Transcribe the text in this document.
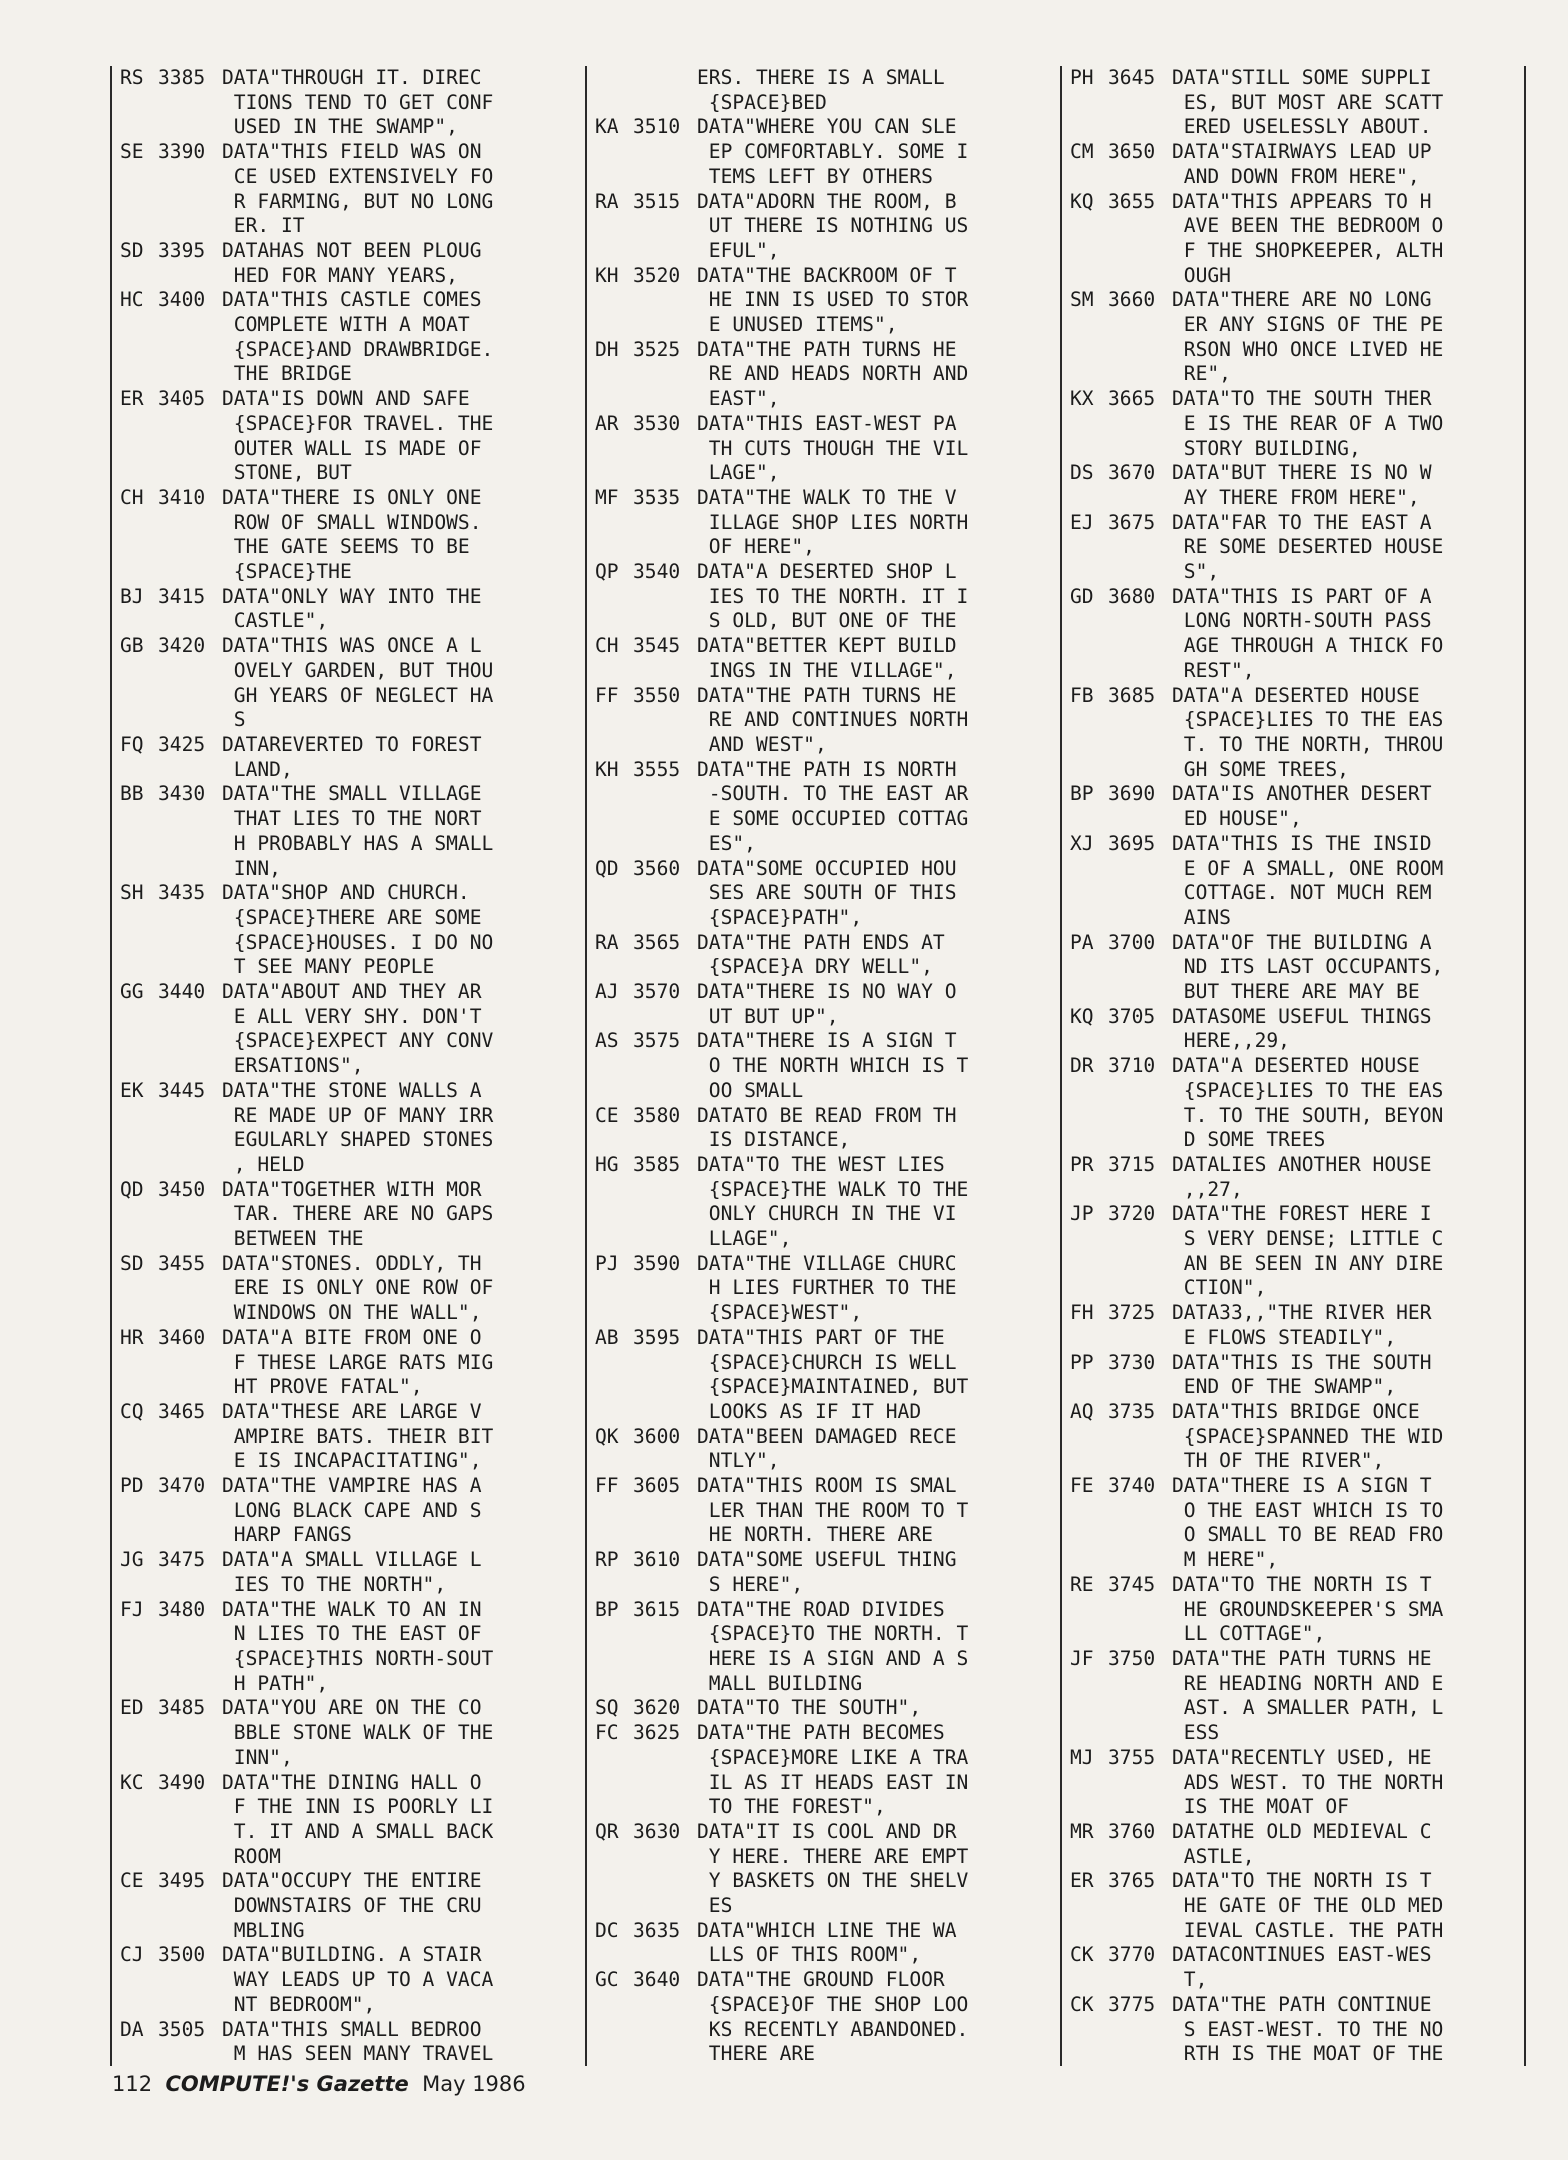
RS 3385 DATA"THROUGH IT. DIREC
TIONS TEND TO GET CONF
USED IN THE SWAMP",
SE 3390 DATA"THIS FIELD WAS ON
CE USED EXTENSIVELY FO
R FARMING, BUT NO LONG
ER. IT
SD 3395 DATAHAS NOT BEEN PLOUG
HED FOR MANY YEARS,
HC 3400 DATA"THIS CASTLE COMES
COMPLETE WITH A MOAT
{SPACE}AND DRAWBRIDGE.
THE BRIDGE
ER 3405 DATA"IS DOWN AND SAFE
{SPACE}FOR TRAVEL. THE
OUTER WALL IS MADE OF
STONE, BUT
CH 3410 DATA"THERE IS ONLY ONE
ROW OF SMALL WINDOWS.
THE GATE SEEMS TO BE
{SPACE}THE
BJ 3415 DATA"ONLY WAY INTO THE
CASTLE",
GB 3420 DATA"THIS WAS ONCE A L
OVELY GARDEN, BUT THOU
GH YEARS OF NEGLECT HA
S
FQ 3425 DATAREVERTED TO FOREST
LAND,
BB 3430 DATA"THE SMALL VILLAGE
THAT LIES TO THE NORT
H PROBABLY HAS A SMALL
INN,
SH 3435 DATA"SHOP AND CHURCH.
{SPACE}THERE ARE SOME
{SPACE}HOUSES. I DO NO
T SEE MANY PEOPLE
GG 3440 DATA"ABOUT AND THEY AR
E ALL VERY SHY. DON'T
{SPACE}EXPECT ANY CONV
ERSATIONS",
EK 3445 DATA"THE STONE WALLS A
RE MADE UP OF MANY IRR
EGULARLY SHAPED STONES
, HELD
QD 3450 DATA"TOGETHER WITH MOR
TAR. THERE ARE NO GAPS
BETWEEN THE
SD 3455 DATA"STONES. ODDLY, TH
ERE IS ONLY ONE ROW OF
WINDOWS ON THE WALL",
HR 3460 DATA"A BITE FROM ONE O
F THESE LARGE RATS MIG
HT PROVE FATAL",
CQ 3465 DATA"THESE ARE LARGE V
AMPIRE BATS. THEIR BIT
E IS INCAPACITATING",
PD 3470 DATA"THE VAMPIRE HAS A
LONG BLACK CAPE AND S
HARP FANGS
JG 3475 DATA"A SMALL VILLAGE L
IES TO THE NORTH",
FJ 3480 DATA"THE WALK TO AN IN
N LIES TO THE EAST OF
{SPACE}THIS NORTH-SOUT
H PATH",
ED 3485 DATA"YOU ARE ON THE CO
BBLE STONE WALK OF THE
INN",
KC 3490 DATA"THE DINING HALL O
F THE INN IS POORLY LI
T. IT AND A SMALL BACK
ROOM
CE 3495 DATA"OCCUPY THE ENTIRE
DOWNSTAIRS OF THE CRU
MBLING
CJ 3500 DATA"BUILDING. A STAIR
WAY LEADS UP TO A VACA
NT BEDROOM",
DA 3505 DATA"THIS SMALL BEDROO
M HAS SEEN MANY TRAVEL
ERS. THERE IS A SMALL
{SPACE}BED
KA 3510 DATA"WHERE YOU CAN SLE
EP COMFORTABLY. SOME I
TEMS LEFT BY OTHERS
RA 3515 DATA"ADORN THE ROOM, B
UT THERE IS NOTHING US
EFUL",
KH 3520 DATA"THE BACKROOM OF T
HE INN IS USED TO STOR
E UNUSED ITEMS",
DH 3525 DATA"THE PATH TURNS HE
RE AND HEADS NORTH AND
EAST",
AR 3530 DATA"THIS EAST-WEST PA
TH CUTS THOUGH THE VIL
LAGE",
MF 3535 DATA"THE WALK TO THE V
ILLAGE SHOP LIES NORTH
OF HERE",
QP 3540 DATA"A DESERTED SHOP L
IES TO THE NORTH. IT I
S OLD, BUT ONE OF THE
CH 3545 DATA"BETTER KEPT BUILD
INGS IN THE VILLAGE",
FF 3550 DATA"THE PATH TURNS HE
RE AND CONTINUES NORTH
AND WEST",
KH 3555 DATA"THE PATH IS NORTH
-SOUTH. TO THE EAST AR
E SOME OCCUPIED COTTAG
ES",
QD 3560 DATA"SOME OCCUPIED HOU
SES ARE SOUTH OF THIS
{SPACE}PATH",
RA 3565 DATA"THE PATH ENDS AT
{SPACE}A DRY WELL",
AJ 3570 DATA"THERE IS NO WAY O
UT BUT UP",
AS 3575 DATA"THERE IS A SIGN T
O THE NORTH WHICH IS T
OO SMALL
CE 3580 DATATO BE READ FROM TH
IS DISTANCE,
HG 3585 DATA"TO THE WEST LIES
{SPACE}THE WALK TO THE
ONLY CHURCH IN THE VI
LLAGE",
PJ 3590 DATA"THE VILLAGE CHURC
H LIES FURTHER TO THE
{SPACE}WEST",
AB 3595 DATA"THIS PART OF THE
{SPACE}CHURCH IS WELL
{SPACE}MAINTAINED, BUT
LOOKS AS IF IT HAD
QK 3600 DATA"BEEN DAMAGED RECE
NTLY",
FF 3605 DATA"THIS ROOM IS SMAL
LER THAN THE ROOM TO T
HE NORTH. THERE ARE
RP 3610 DATA"SOME USEFUL THING
S HERE",
BP 3615 DATA"THE ROAD DIVIDES
{SPACE}TO THE NORTH. T
HERE IS A SIGN AND A S
MALL BUILDING
SQ 3620 DATA"TO THE SOUTH",
FC 3625 DATA"THE PATH BECOMES
{SPACE}MORE LIKE A TRA
IL AS IT HEADS EAST IN
TO THE FOREST",
QR 3630 DATA"IT IS COOL AND DR
Y HERE. THERE ARE EMPT
Y BASKETS ON THE SHELV
ES
DC 3635 DATA"WHICH LINE THE WA
LLS OF THIS ROOM",
GC 3640 DATA"THE GROUND FLOOR
{SPACE}OF THE SHOP LOO
KS RECENTLY ABANDONED.
THERE ARE
PH 3645 DATA"STILL SOME SUPPLI
ES, BUT MOST ARE SCATT
ERED USELESSLY ABOUT.
CM 3650 DATA"STAIRWAYS LEAD UP
AND DOWN FROM HERE",
KQ 3655 DATA"THIS APPEARS TO H
AVE BEEN THE BEDROOM O
F THE SHOPKEEPER, ALTH
OUGH
SM 3660 DATA"THERE ARE NO LONG
ER ANY SIGNS OF THE PE
RSON WHO ONCE LIVED HE
RE",
KX 3665 DATA"TO THE SOUTH THER
E IS THE REAR OF A TWO
STORY BUILDING,
DS 3670 DATA"BUT THERE IS NO W
AY THERE FROM HERE",
EJ 3675 DATA"FAR TO THE EAST A
RE SOME DESERTED HOUSE
S",
GD 3680 DATA"THIS IS PART OF A
LONG NORTH-SOUTH PASS
AGE THROUGH A THICK FO
REST",
FB 3685 DATA"A DESERTED HOUSE
{SPACE}LIES TO THE EAS
T. TO THE NORTH, THROU
GH SOME TREES,
BP 3690 DATA"IS ANOTHER DESERT
ED HOUSE",
XJ 3695 DATA"THIS IS THE INSID
E OF A SMALL, ONE ROOM
COTTAGE. NOT MUCH REM
AINS
PA 3700 DATA"OF THE BUILDING A
ND ITS LAST OCCUPANTS,
BUT THERE ARE MAY BE
KQ 3705 DATASOME USEFUL THINGS
HERE,,29,
DR 3710 DATA"A DESERTED HOUSE
{SPACE}LIES TO THE EAS
T. TO THE SOUTH, BEYON
D SOME TREES
PR 3715 DATALIES ANOTHER HOUSE
,,27,
JP 3720 DATA"THE FOREST HERE I
S VERY DENSE; LITTLE C
AN BE SEEN IN ANY DIRE
CTION",
FH 3725 DATA33,,"THE RIVER HER
E FLOWS STEADILY",
PP 3730 DATA"THIS IS THE SOUTH
END OF THE SWAMP",
AQ 3735 DATA"THIS BRIDGE ONCE
{SPACE}SPANNED THE WID
TH OF THE RIVER",
FE 3740 DATA"THERE IS A SIGN T
O THE EAST WHICH IS TO
O SMALL TO BE READ FRO
M HERE",
RE 3745 DATA"TO THE NORTH IS T
HE GROUNDSKEEPER'S SMA
LL COTTAGE",
JF 3750 DATA"THE PATH TURNS HE
RE HEADING NORTH AND E
AST. A SMALLER PATH, L
ESS
MJ 3755 DATA"RECENTLY USED, HE
ADS WEST. TO THE NORTH
IS THE MOAT OF
MR 3760 DATATHE OLD MEDIEVAL C
ASTLE,
ER 3765 DATA"TO THE NORTH IS T
HE GATE OF THE OLD MED
IEVAL CASTLE. THE PATH
CK 3770 DATACONTINUES EAST-WES
T,
CK 3775 DATA"THE PATH CONTINUE
S EAST-WEST. TO THE NO
RTH IS THE MOAT OF THE
112 COMPUTE!'s Gazette May 1986
